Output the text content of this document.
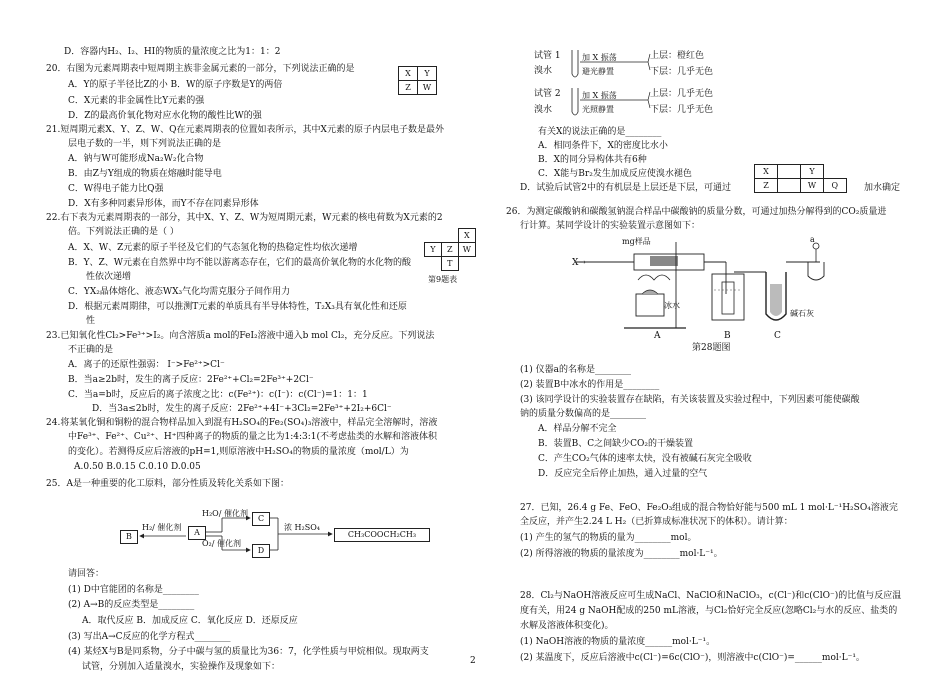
D．容器内H₂、I₂、HI的物质的量浓度之比为1：1：2
20．右图为元素周期表中短周期主族非金属元素的一部分，下列说法正确的是	X	Y
Z	W
A．Y的原子半径比Z的小 B．W的原子序数是Y的两倍
C．X元素的非金属性比Y元素的强
D．Z的最高价氧化物对应水化物的酸性比W的强
21.短周期元素X、Y、Z、W、Q在元素周期表的位置如表所示，其中X元素的原子内层电子数是最外
层电子数的一半，则下列说法正确的是
A．钠与W可能形成Na₂W₂化合物
B．由Z与Y组成的物质在熔融时能导电
C．W得电子能力比Q强
D．X有多种同素异形体，而Y不存在同素异形体
22.右下表为元素周期表的一部分，其中X、Y、Z、W为短周期元素，W元素的核电荷数为X元素的2
倍。下列说法正确的是（ ）
A．X、W、Z元素的原子半径及它们的气态氢化物的热稳定性均依次递增
B．Y、Z、W元素在自然界中均不能以游离态存在，它们的最高价氧化物的水化物的酸
性依次递增
C．YX₂晶体熔化、液态WX₃气化均需克服分子间作用力
D．根据元素周期律，可以推测T元素的单质具有半导体特性，T₂X₃具有氧化性和还原
性
		X
Y	Z	W
	T	
第9题表
23.已知氧化性Cl₂>Fe³⁺>I₂。向含溶质a mol的FeI₂溶液中通入b mol Cl₂，充分反应。下列说法
不正确的是
A．离子的还原性强弱： I⁻>Fe²⁺>Cl⁻
B．当a≥2b时，发生的离子反应：2Fe²⁺+Cl₂=2Fe³⁺+2Cl⁻
C．当a=b时，反应后的离子浓度之比：c(Fe²⁺)：c(I⁻)：c(Cl⁻)=1：1：1
D．当3a≤2b时，发生的离子反应：2Fe²⁺+4I⁻+3Cl₂=2Fe³⁺+2I₂+6Cl⁻
24.将某氧化铜和铜粉的混合物样品加入到混有H₂SO₄的Fe₂(SO₄)₃溶液中，样品完全溶解时，溶液
中Fe³⁺、Fe²⁺、Cu²⁺、H⁺四种离子的物质的量之比为1:4:3:1(不考虑盐类的水解和溶液体积
的变化）。若测得反应后溶液的pH=1,则原溶液中H₂SO₄的物质的量浓度（mol/L）为
A.0.50 B.0.15 C.0.10 D.0.05
25．A是一种重要的化工原料，部分性质及转化关系如下图：
B	A
C
D
CH₃COOCH₂CH₃
H₂/ 催化剂
H₂O/ 催化剂
O₂/ 催化剂
浓 H₂SO₄
请回答：
(1) D中官能团的名称是________
(2) A→B的反应类型是________
A．取代反应 B．加成反应 C．氧化反应 D．还原反应
(3) 写出A→C反应的化学方程式________
(4) 某烃X与B是同系物，分子中碳与氢的质量比为36：7，化学性质与甲烷相似。现取两支
试管，分别加入适量溴水，实验操作及现象如下：
试管 1
溴水
加 X 振荡
避光静置
上层：橙红色
下层：几乎无色
试管 2
溴水
加 X 振荡
光照静置
上层：几乎无色
下层：几乎无色
有关X的说法正确的是________
A．相同条件下，X的密度比水小
B．X的同分异构体共有6种
C．X能与Br₂发生加成反应使溴水褪色
D．试验后试管2中的有机层是上层还是下层，可通过	加水确定
X		Y	
Z		W	Q
26．为测定碳酸钠和碳酸氢钠混合样品中碳酸钠的质量分数，可通过加热分解得到的CO₂质量进
行计算。某同学设计的实验装置示意图如下：
X→
mg样品
冰水
碱石灰
a
A	B	C
第28题图
(1) 仪器a的名称是________
(2) 装置B中冰水的作用是________
(3) 该同学设计的实验装置存在缺陷，有关该装置及实验过程中，下列因素可能使碳酸
钠的质量分数偏高的是________
A．样品分解不完全
B．装置B、C之间缺少CO₂的干燥装置
C．产生CO₂气体的速率太快，没有被碱石灰完全吸收
D．反应完全后停止加热，通入过量的空气
27．已知，26.4 g Fe、FeO、Fe₂O₃组成的混合物恰好能与500 mL 1 mol·L⁻¹H₂SO₄溶液完
全反应，并产生2.24 L H₂（已折算成标准状况下的体积）。请计算：
(1) 产生的氢气的物质的量为________mol。
(2) 所得溶液的物质的量浓度为________mol·L⁻¹。
28．Cl₂与NaOH溶液反应可生成NaCl、NaClO和NaClO₃，c(Cl⁻)和c(ClO⁻)的比值与反应温
度有关，用24 g NaOH配成的250 mL溶液，与Cl₂恰好完全反应(忽略Cl₂与水的反应、盐类的
水解及溶液体积变化)。
(1) NaOH溶液的物质的量浓度______mol·L⁻¹。
(2) 某温度下，反应后溶液中c(Cl⁻)=6c(ClO⁻)，则溶液中c(ClO⁻)=______mol·L⁻¹。
2
